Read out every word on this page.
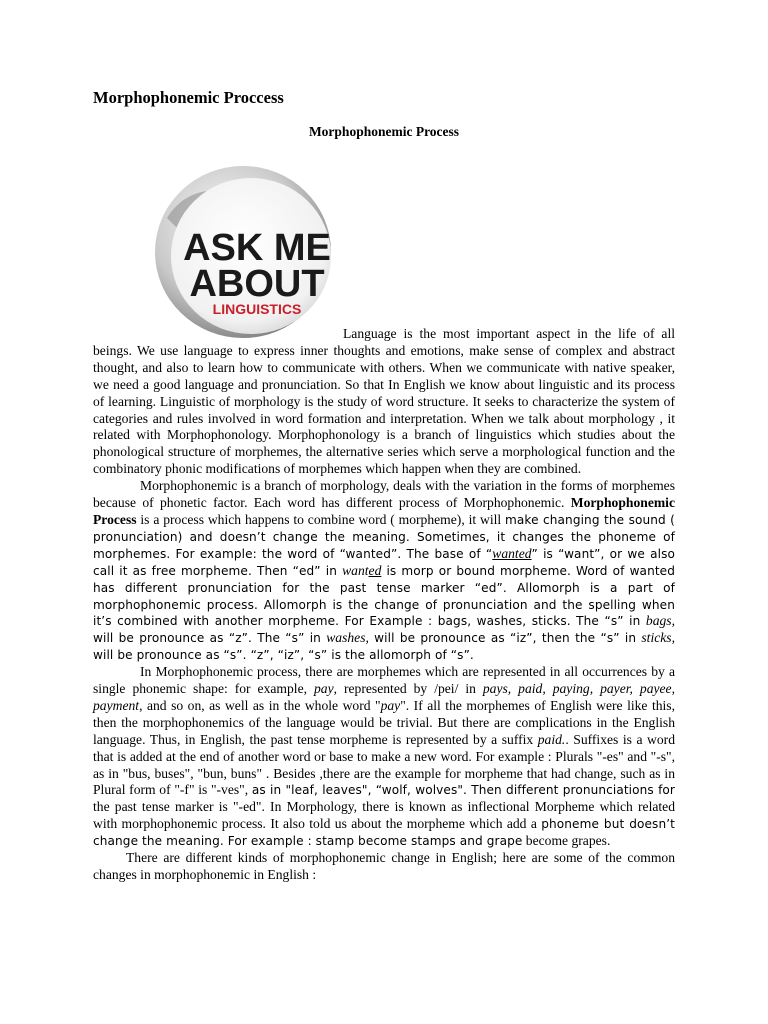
Morphophonemic Proccess
Morphophonemic Process
ASK ME
ABOUT
LINGUISTICS

Language is the most important aspect in the life of all beings. We use language to express inner thoughts and emotions, make sense of complex and abstract thought, and also to learn how to communicate with others. When we communicate with native speaker, we need a good language and pronunciation. So that In English we know about linguistic and its process of learning. Linguistic of morphology is the study of word structure. It seeks to characterize the system of categories and rules involved in word formation and interpretation. When we talk about morphology , it related with Morphophonology. Morphophonology is a branch of linguistics which studies about the phonological structure of morphemes, the alternative series which serve a morphological function and the combinatory phonic modifications of morphemes which happen when they are combined.

Morphophonemic is a branch of morphology, deals with the variation in the forms of morphemes because of phonetic factor. Each word has different process of Morphophonemic. Morphophonemic Process is a process which happens to combine word ( morpheme), it will make changing the sound ( pronunciation) and doesn’t change the meaning. Sometimes, it changes the phoneme of morphemes. For example: the word of “wanted”. The base of “wanted” is “want”, or we also call it as free morpheme. Then “ed” in wanted is morp or bound morpheme. Word of wanted has different pronunciation for the past tense marker “ed”. Allomorph is a part of morphophonemic process. Allomorph is the change of pronunciation and the spelling when it’s combined with another morpheme. For Example : bags, washes, sticks. The “s” in bags, will be pronounce as “z”. The “s” in washes, will be pronounce as “iz”, then the “s” in sticks, will be pronounce as “s”. “z”, “iz”, “s” is the allomorph of “s”.

In Morphophonemic process, there are morphemes which are represented in all occurrences by a single phonemic shape: for example, pay, represented by /pei/ in pays, paid, paying, payer, payee, payment, and so on, as well as in the whole word "pay". If all the morphemes of English were like this, then the morphophonemics of the language would be trivial. But there are complications in the English language. Thus, in English, the past tense morpheme is represented by a suffix paid.. Suffixes is a word that is added at the end of another word or base to make a new word. For example : Plurals "-es" and "-s", as in "bus, buses", "bun, buns" . Besides ,there are the example for morpheme that had change, such as in Plural form of "-f" is "-ves", as in "leaf, leaves", “wolf, wolves". Then different pronunciations for the past tense marker is "-ed". In Morphology, there is known as inflectional Morpheme which related with morphophonemic process. It also told us about the morpheme which add a phoneme but doesn’t change the meaning. For example : stamp become stamps and grape become grapes.

There are different kinds of morphophonemic change in English; here are some of the common changes in morphophonemic in English :
